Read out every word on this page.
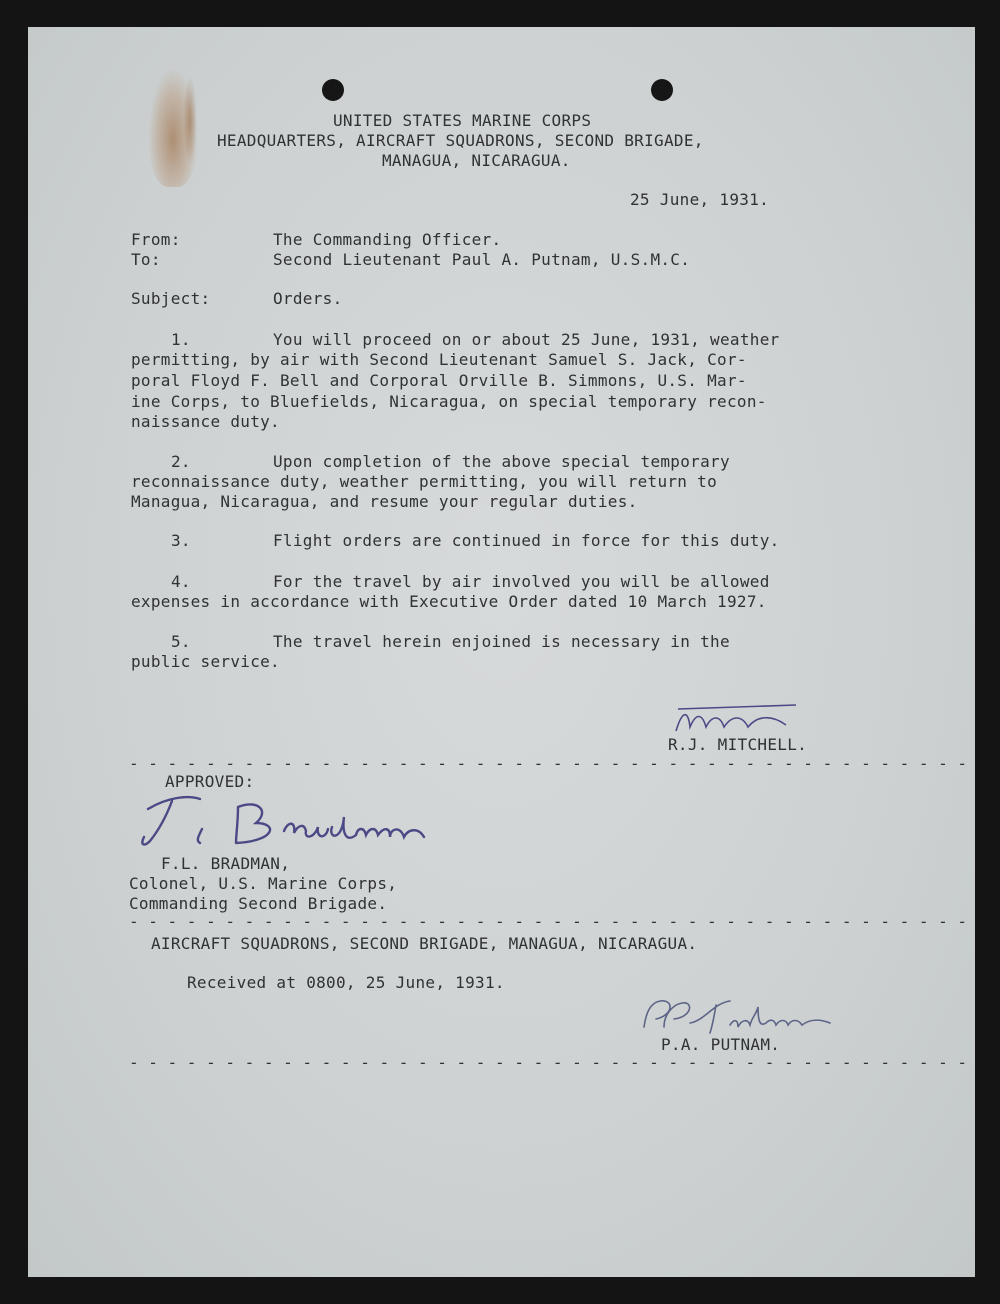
UNITED STATES MARINE CORPS

HEADQUARTERS, AIRCRAFT SQUADRONS, SECOND BRIGADE,

MANAGUA, NICARAGUA.

25 June, 1931.

From:	The Commanding Officer.

To:	Second Lieutenant Paul A. Putnam, U.S.M.C.

Subject:	Orders.

1.	You will proceed on or about 25 June, 1931, weather

permitting, by air with Second Lieutenant Samuel S. Jack, Cor-

poral Floyd F. Bell and Corporal Orville B. Simmons, U.S. Mar-

ine Corps, to Bluefields, Nicaragua, on special temporary recon-

naissance duty.

2.	Upon completion of the above special temporary

reconnaissance duty, weather permitting, you will return to

Managua, Nicaragua, and resume your regular duties.

3.	Flight orders are continued in force for this duty.

4.	For the travel by air involved you will be allowed

expenses in accordance with Executive Order dated 10 March 1927.

5.	The travel herein enjoined is necessary in the

public service.

R.J. MITCHELL.

- - - - - - - - - - - - - - - - - - - - - - - - - - - - - - - - - - - - - - - - - - - -

APPROVED:

F.L. BRADMAN,

Colonel, U.S. Marine Corps,

Commanding Second Brigade.

- - - - - - - - - - - - - - - - - - - - - - - - - - - - - - - - - - - - - - - - - - - -

AIRCRAFT SQUADRONS, SECOND BRIGADE, MANAGUA, NICARAGUA.

Received at 0800, 25 June, 1931.

P.A. PUTNAM.

- - - - - - - - - - - - - - - - - - - - - - - - - - - - - - - - - - - - - - - - - - - -
